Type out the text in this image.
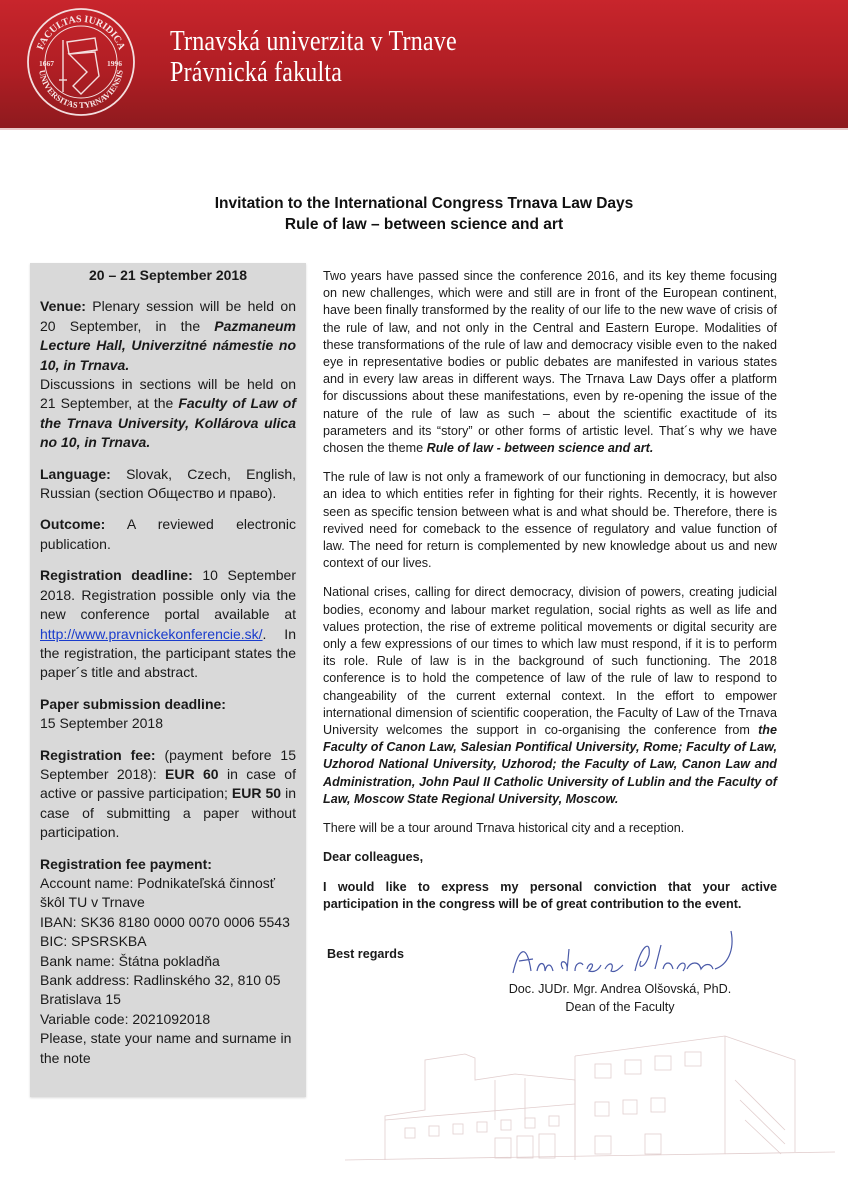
FACULTAS IURIDICA
UNIVERSITAS TYRNAVIENSIS
1667	1996
Trnavská univerzita v Trnave
Právnická fakulta
Invitation to the International Congress Trnava Law Days
Rule of law – between science and art

20 – 21 September 2018

Venue: Plenary session will be held on 20 September, in the Pazmaneum Lecture Hall, Univerzitné námestie no 10, in Trnava.

Discussions in sections will be held on 21 September, at the Faculty of Law of the Trnava University, Kollárova ulica no 10, in Trnava.

Language: Slovak, Czech, English, Russian (section Общество и право).

Outcome: A reviewed electronic publication.

Registration deadline: 10 September 2018. Registration possible only via the new conference portal available at http://www.pravnickekonferencie.sk/. In the registration, the participant states the paper´s title and abstract.

Paper submission deadline:
15 September 2018

Registration fee: (payment before 15 September 2018): EUR 60 in case of active or passive participation; EUR 50 in case of submitting a paper without participation.

Registration fee payment:
Account name: Podnikateľská činnosť škôl TU v Trnave
IBAN: SK36 8180 0000 0070 0006 5543
BIC: SPSRSKBA
Bank name: Štátna pokladňa
Bank address: Radlinského 32, 810 05 Bratislava 15
Variable code: 2021092018
Please, state your name and surname in the note

Two years have passed since the conference 2016, and its key theme focusing on new challenges, which were and still are in front of the European continent, have been finally transformed by the reality of our life to the new wave of crisis of the rule of law, and not only in the Central and Eastern Europe. Modalities of these transformations of the rule of law and democracy visible even to the naked eye in representative bodies or public debates are manifested in various states and in every law areas in different ways. The Trnava Law Days offer a platform for discussions about these manifestations, even by re-opening the issue of the nature of the rule of law as such – about the scientific exactitude of its parameters and its “story” or other forms of artistic level. That´s why we have chosen the theme Rule of law - between science and art.

The rule of law is not only a framework of our functioning in democracy, but also an idea to which entities refer in fighting for their rights. Recently, it is however seen as specific tension between what is and what should be. Therefore, there is revived need for comeback to the essence of regulatory and value function of law. The need for return is complemented by new knowledge about us and new context of our lives.

National crises, calling for direct democracy, division of powers, creating judicial bodies, economy and labour market regulation, social rights as well as life and values protection, the rise of extreme political movements or digital security are only a few expressions of our times to which law must respond, if it is to perform its role. Rule of law is in the background of such functioning. The 2018 conference is to hold the competence of law of the rule of law to respond to changeability of the current external context. In the effort to empower international dimension of scientific cooperation, the Faculty of Law of the Trnava University welcomes the support in co-organising the conference from the Faculty of Canon Law, Salesian Pontifical University, Rome; Faculty of Law, Uzhorod National University, Uzhorod; the Faculty of Law, Canon Law and Administration, John Paul II Catholic University of Lublin and the Faculty of Law, Moscow State Regional University, Moscow.

There will be a tour around Trnava historical city and a reception.

Dear colleagues,

I would like to express my personal conviction that your active participation in the congress will be of great contribution to the event.

Best regards
Doc. JUDr. Mgr. Andrea Olšovská, PhD.
Dean of the Faculty
